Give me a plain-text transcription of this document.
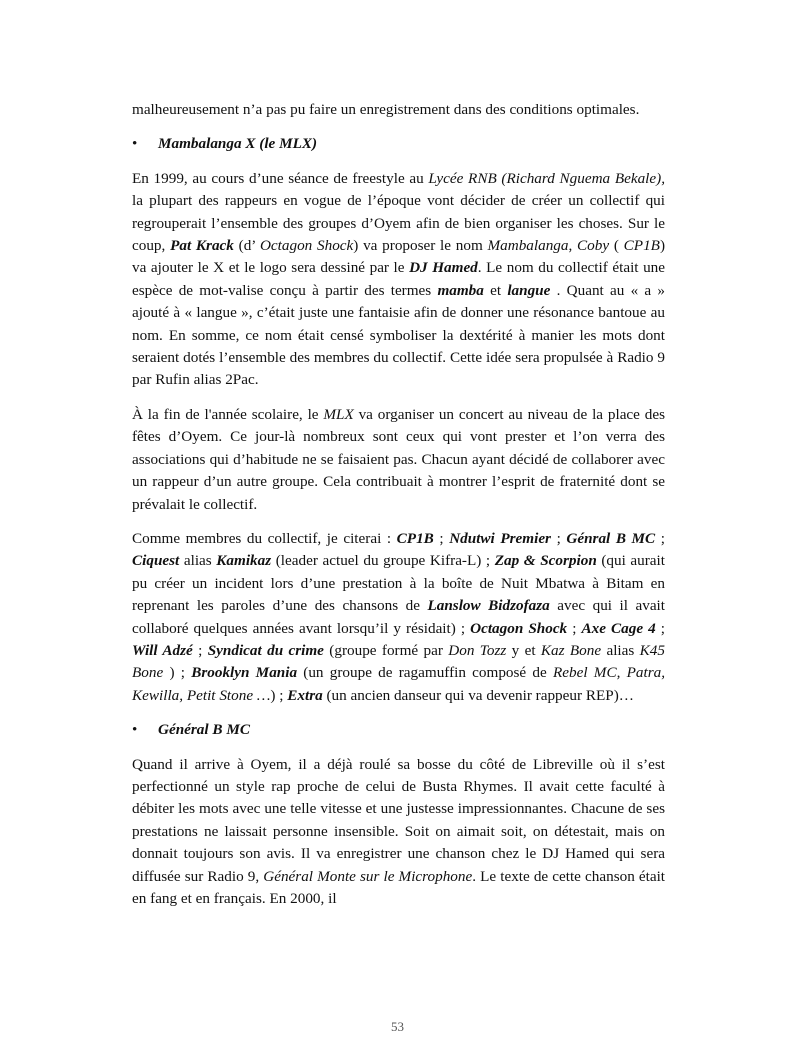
malheureusement n’a pas pu faire un enregistrement dans des conditions optimales.

• Mambalanga X (le MLX)

En 1999, au cours d’une séance de freestyle au Lycée RNB (Richard Nguema Bekale), la plupart des rappeurs en vogue de l’époque vont décider de créer un collectif qui regrouperait l’ensemble des groupes d’Oyem afin de bien organiser les choses. Sur le coup, Pat Krack (d’ Octagon Shock) va proposer le nom Mambalanga, Coby ( CP1B) va ajouter le X et le logo sera dessiné par le DJ Hamed. Le nom du collectif était une espèce de mot-valise conçu à partir des termes mamba et langue . Quant au « a » ajouté à « langue », c’était juste une fantaisie afin de donner une résonance bantoue au nom. En somme, ce nom était censé symboliser la dextérité à manier les mots dont seraient dotés l’ensemble des membres du collectif. Cette idée sera propulsée à Radio 9 par Rufin alias 2Pac.

À la fin de l'année scolaire, le MLX va organiser un concert au niveau de la place des fêtes d’Oyem. Ce jour-là nombreux sont ceux qui vont prester et l’on verra des associations qui d’habitude ne se faisaient pas. Chacun ayant décidé de collaborer avec un rappeur d’un autre groupe. Cela contribuait à montrer l’esprit de fraternité dont se prévalait le collectif.

Comme membres du collectif, je citerai : CP1B ; Ndutwi Premier ; Génral B MC ; Ciquest alias Kamikaz (leader actuel du groupe Kifra-L) ; Zap & Scorpion (qui aurait pu créer un incident lors d’une prestation à la boîte de Nuit Mbatwa à Bitam en reprenant les paroles d’une des chansons de Lanslow Bidzofaza avec qui il avait collaboré quelques années avant lorsqu’il y résidait) ; Octagon Shock ; Axe Cage 4 ; Will Adzé ; Syndicat du crime (groupe formé par Don Tozz y et Kaz Bone alias K45 Bone ) ; Brooklyn Mania (un groupe de ragamuffin composé de Rebel MC, Patra, Kewilla, Petit Stone …) ; Extra (un ancien danseur qui va devenir rappeur REP)…

• Général B MC

Quand il arrive à Oyem, il a déjà roulé sa bosse du côté de Libreville où il s’est perfectionné un style rap proche de celui de Busta Rhymes. Il avait cette faculté à débiter les mots avec une telle vitesse et une justesse impressionnantes. Chacune de ses prestations ne laissait personne insensible. Soit on aimait soit, on détestait, mais on donnait toujours son avis. Il va enregistrer une chanson chez le DJ Hamed qui sera diffusée sur Radio 9, Général Monte sur le Microphone. Le texte de cette chanson était en fang et en français. En 2000, il

53
